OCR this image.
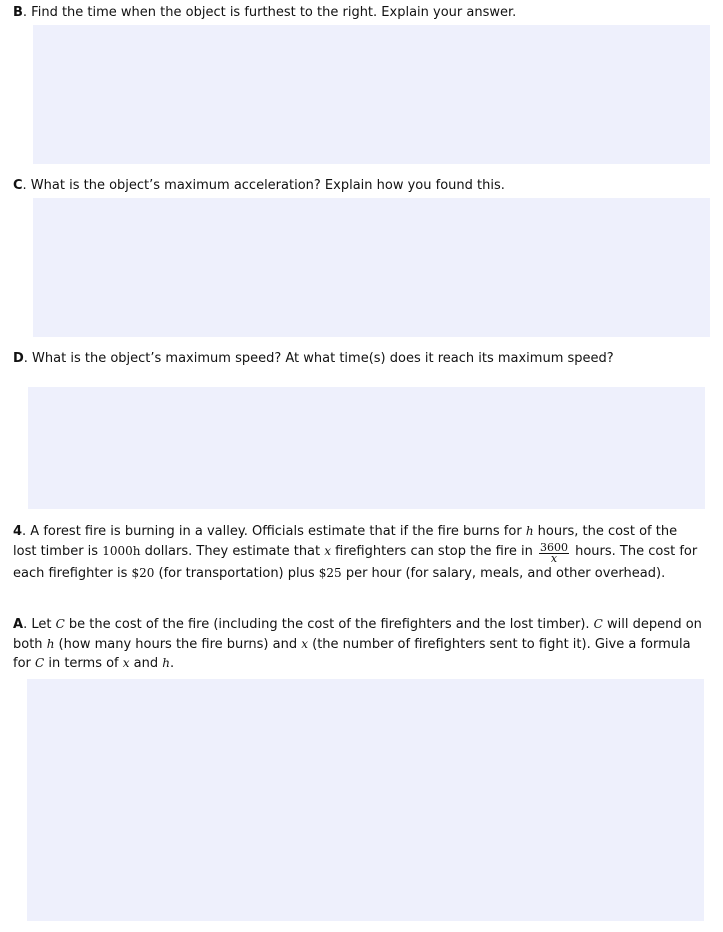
B. Find the time when the object is furthest to the right. Explain your answer.

C. What is the object’s maximum acceleration? Explain how you found this.

D. What is the object’s maximum speed? At what time(s) does it reach its maximum speed?

4. A forest fire is burning in a valley. Officials estimate that if the fire burns for h hours, the cost of the lost timber is 1000h dollars. They estimate that x firefighters can stop the fire in $\frac{3600}{x}$ hours. The cost for each firefighter is $20 (for transportation) plus $25 per hour (for salary, meals, and other overhead).

A. Let C be the cost of the fire (including the cost of the firefighters and the lost timber). C will depend on both h (how many hours the fire burns) and x (the number of firefighters sent to fight it). Give a formula for C in terms of x and h.
